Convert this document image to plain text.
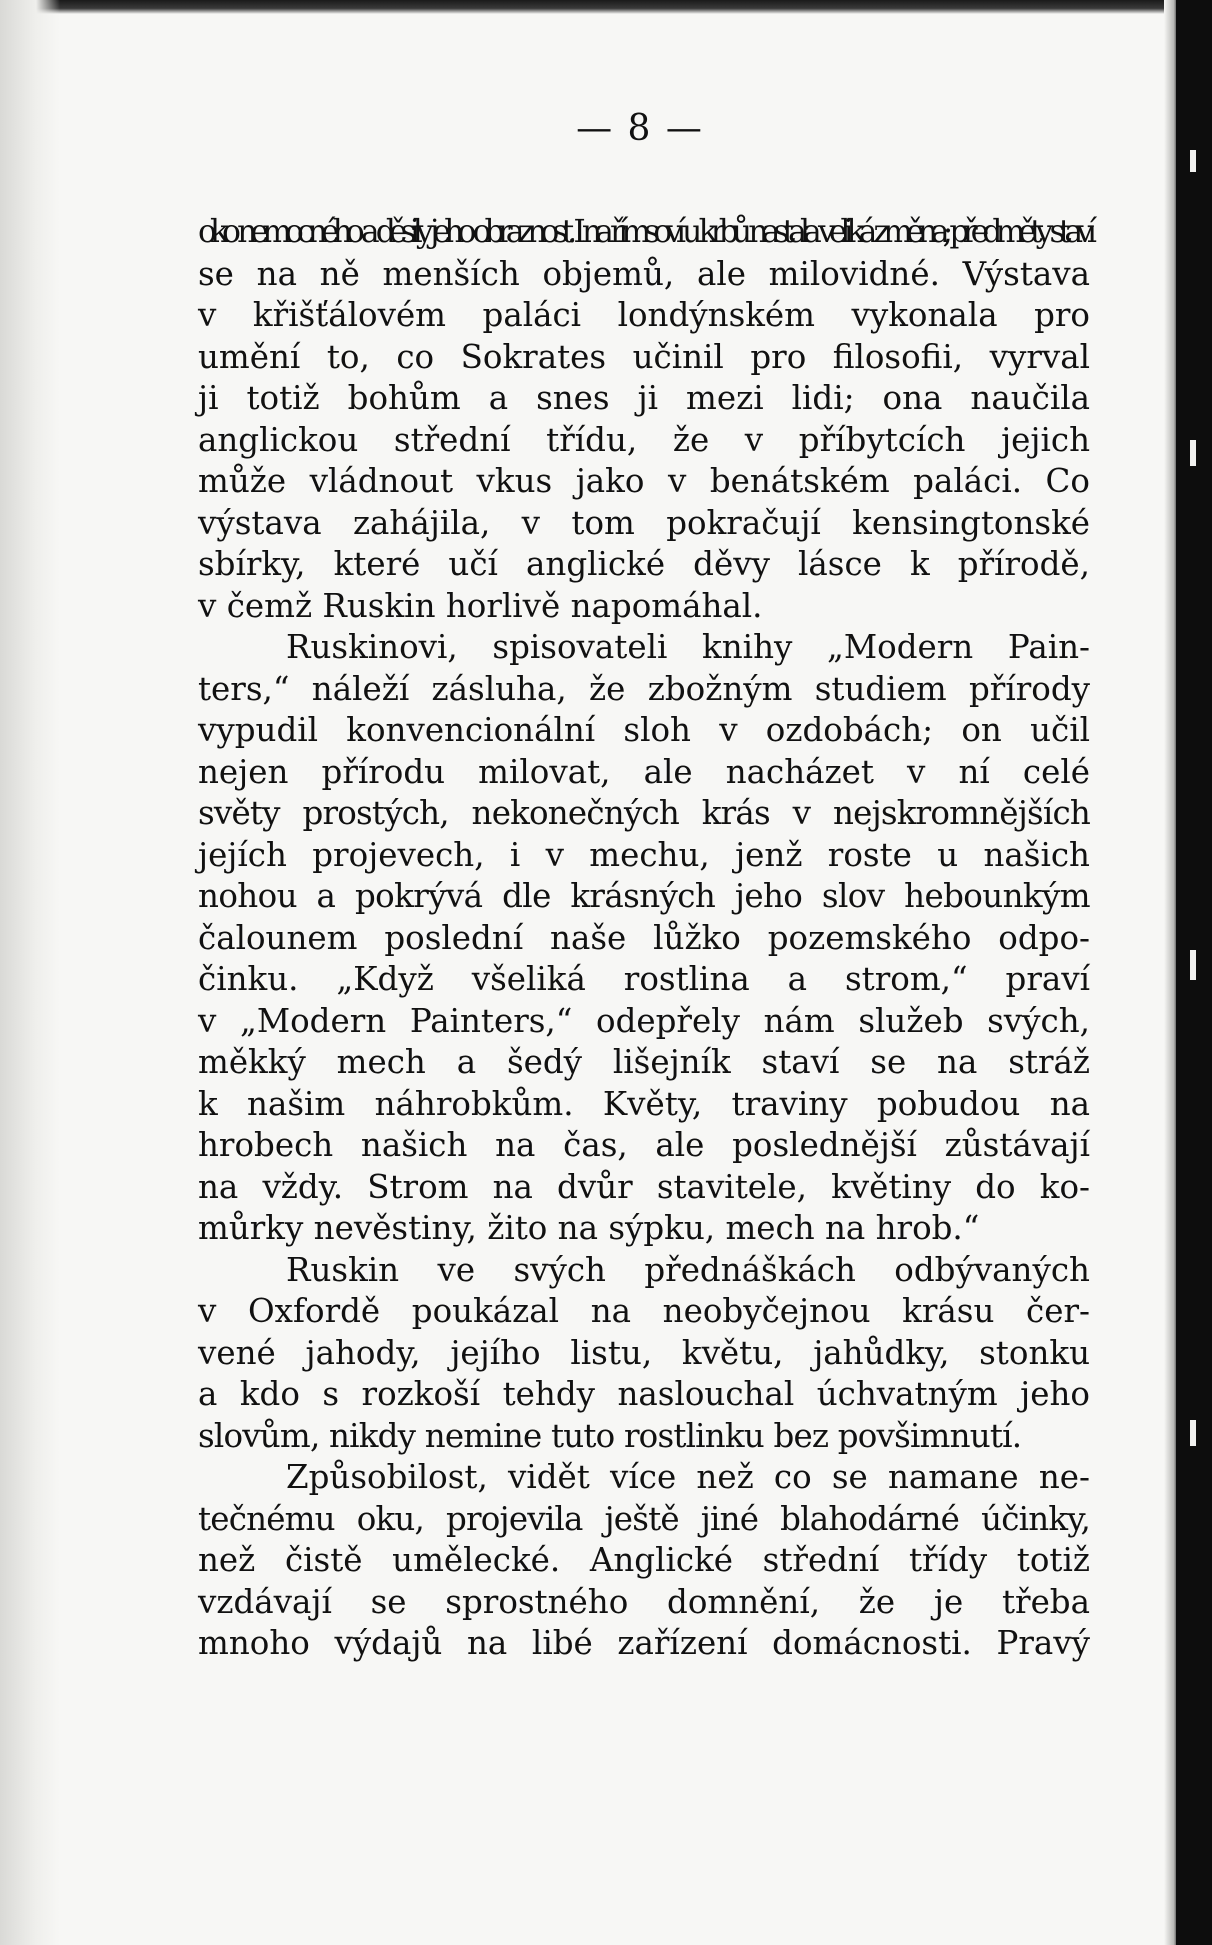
— 8 —
oko nemocného a děsily jeho obraznost. I na římsoví u krbů nastala veliká změna; předměty staví
se na ně menších objemů, ale milovidné. Výstava
v křišťálovém paláci londýnském vykonala pro
umění to, co Sokrates učinil pro filosofii, vyrval
ji totiž bohům a snes ji mezi lidi; ona naučila
anglickou střední třídu, že v příbytcích jejich
může vládnout vkus jako v benátském paláci. Co
výstava zahájila, v tom pokračují kensingtonské
sbírky, které učí anglické děvy lásce k přírodě,
v čemž Ruskin horlivě napomáhal.
Ruskinovi, spisovateli knihy „Modern Pain-
ters,“ náleží zásluha, že zbožným studiem přírody
vypudil konvencionální sloh v ozdobách; on učil
nejen přírodu milovat, ale nacházet v ní celé
světy prostých, nekonečných krás v nejskromnějších
jejích projevech, i v mechu, jenž roste u našich
nohou a pokrývá dle krásných jeho slov hebounkým
čalounem poslední naše lůžko pozemského odpo-
činku. „Když všeliká rostlina a strom,“ praví
v „Modern Painters,“ odepřely nám služeb svých,
měkký mech a šedý lišejník staví se na stráž
k našim náhrobkům. Květy, traviny pobudou na
hrobech našich na čas, ale poslednější zůstávají
na vždy. Strom na dvůr stavitele, květiny do ko-
můrky nevěstiny, žito na sýpku, mech na hrob.“
Ruskin ve svých přednáškách odbývaných
v Oxfordě poukázal na neobyčejnou krásu čer-
vené jahody, jejího listu, květu, jahůdky, stonku
a kdo s rozkoší tehdy naslouchal úchvatným jeho
slovům, nikdy nemine tuto rostlinku bez povšimnutí.
Způsobilost, vidět více než co se namane ne-
tečnému oku, projevila ještě jiné blahodárné účinky,
než čistě umělecké. Anglické střední třídy totiž
vzdávají se sprostného domnění, že je třeba
mnoho výdajů na libé zařízení domácnosti. Pravý
